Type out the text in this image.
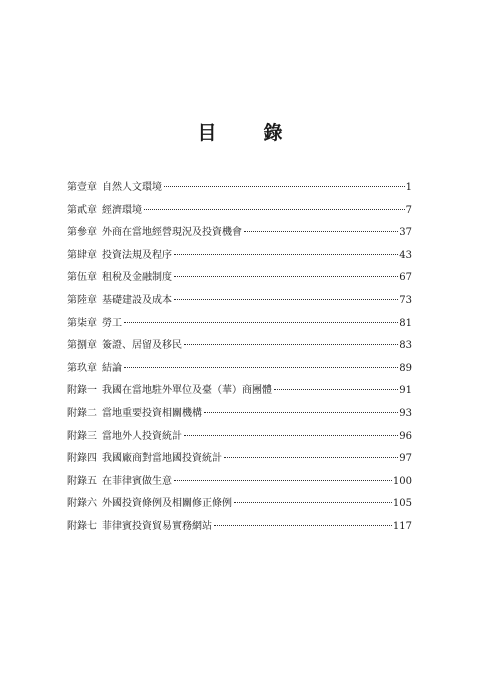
目　錄
第壹章 自然人文環境	1
第貳章 經濟環境	7
第參章 外商在當地經營現況及投資機會	37
第肆章 投資法規及程序	43
第伍章 租稅及金融制度	67
第陸章 基礎建設及成本	73
第柒章 勞工	81
第捌章 簽證、居留及移民	83
第玖章 結論	89
附錄一 我國在當地駐外單位及臺（華）商團體	91
附錄二 當地重要投資相關機構	93
附錄三 當地外人投資統計	96
附錄四 我國廠商對當地國投資統計	97
附錄五 在菲律賓做生意	100
附錄六 外國投資條例及相關修正條例	105
附錄七 菲律賓投資貿易實務網站	117
